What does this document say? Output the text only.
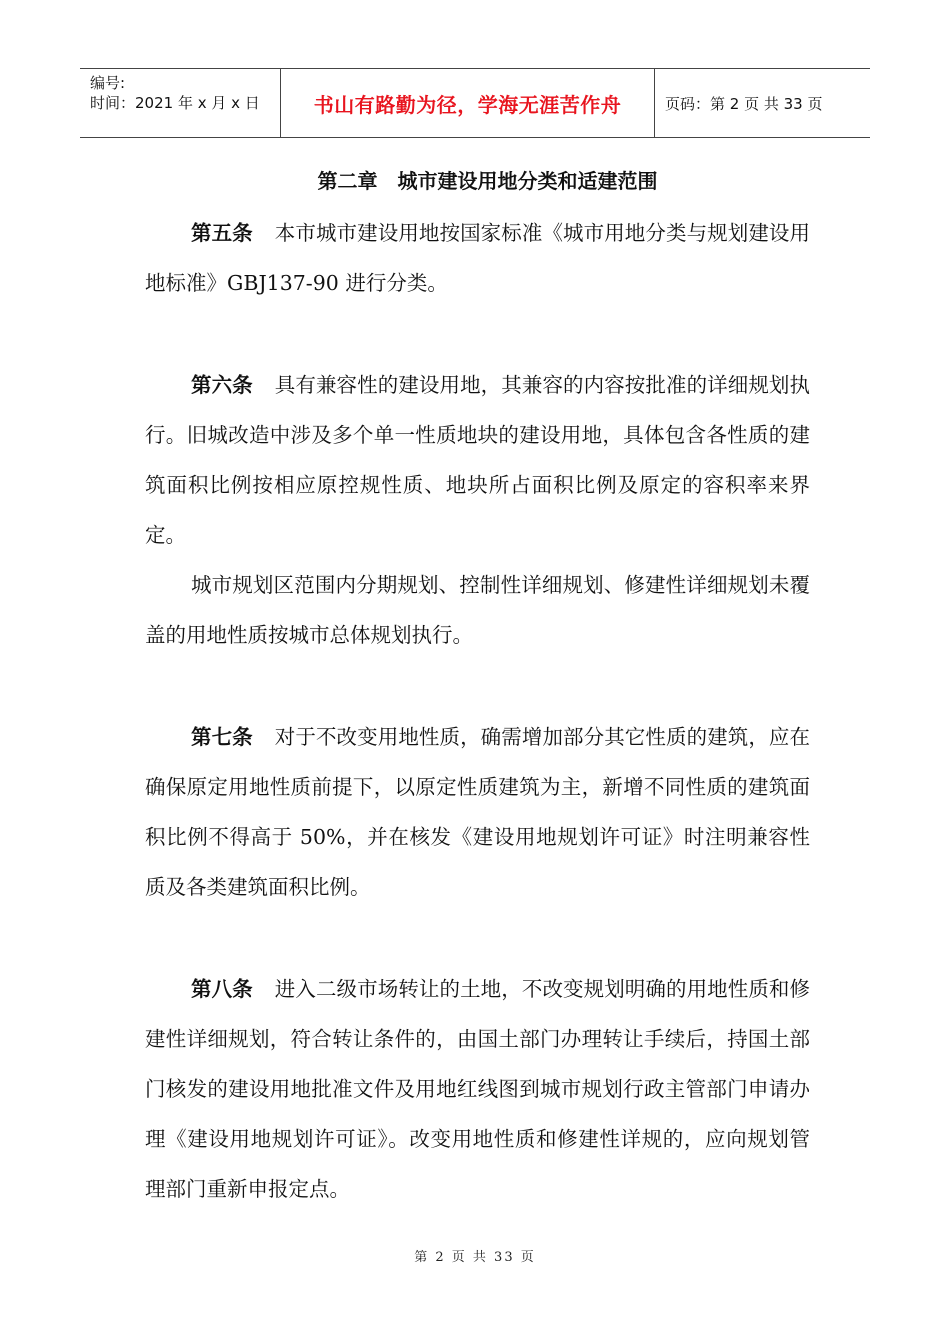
编号:
时间：2021 年 x 月 x 日	书山有路勤为径，学海无涯苦作舟	页码：第 2 页 共 33 页
第二章　城市建设用地分类和适建范围

第五条 本市城市建设用地按国家标准《城市用地分类与规划建设用地标准》GBJ137-90 进行分类。

第六条 具有兼容性的建设用地，其兼容的内容按批准的详细规划执行。旧城改造中涉及多个单一性质地块的建设用地，具体包含各性质的建筑面积比例按相应原控规性质、地块所占面积比例及原定的容积率来界定。

城市规划区范围内分期规划、控制性详细规划、修建性详细规划未覆盖的用地性质按城市总体规划执行。

第七条 对于不改变用地性质，确需增加部分其它性质的建筑，应在确保原定用地性质前提下，以原定性质建筑为主，新增不同性质的建筑面积比例不得高于 50%，并在核发《建设用地规划许可证》时注明兼容性质及各类建筑面积比例。

第八条 进入二级市场转让的土地，不改变规划明确的用地性质和修建性详细规划，符合转让条件的，由国土部门办理转让手续后，持国土部门核发的建设用地批准文件及用地红线图到城市规划行政主管部门申请办理《建设用地规划许可证》。改变用地性质和修建性详规的，应向规划管理部门重新申报定点。

第 2 页 共 33 页
